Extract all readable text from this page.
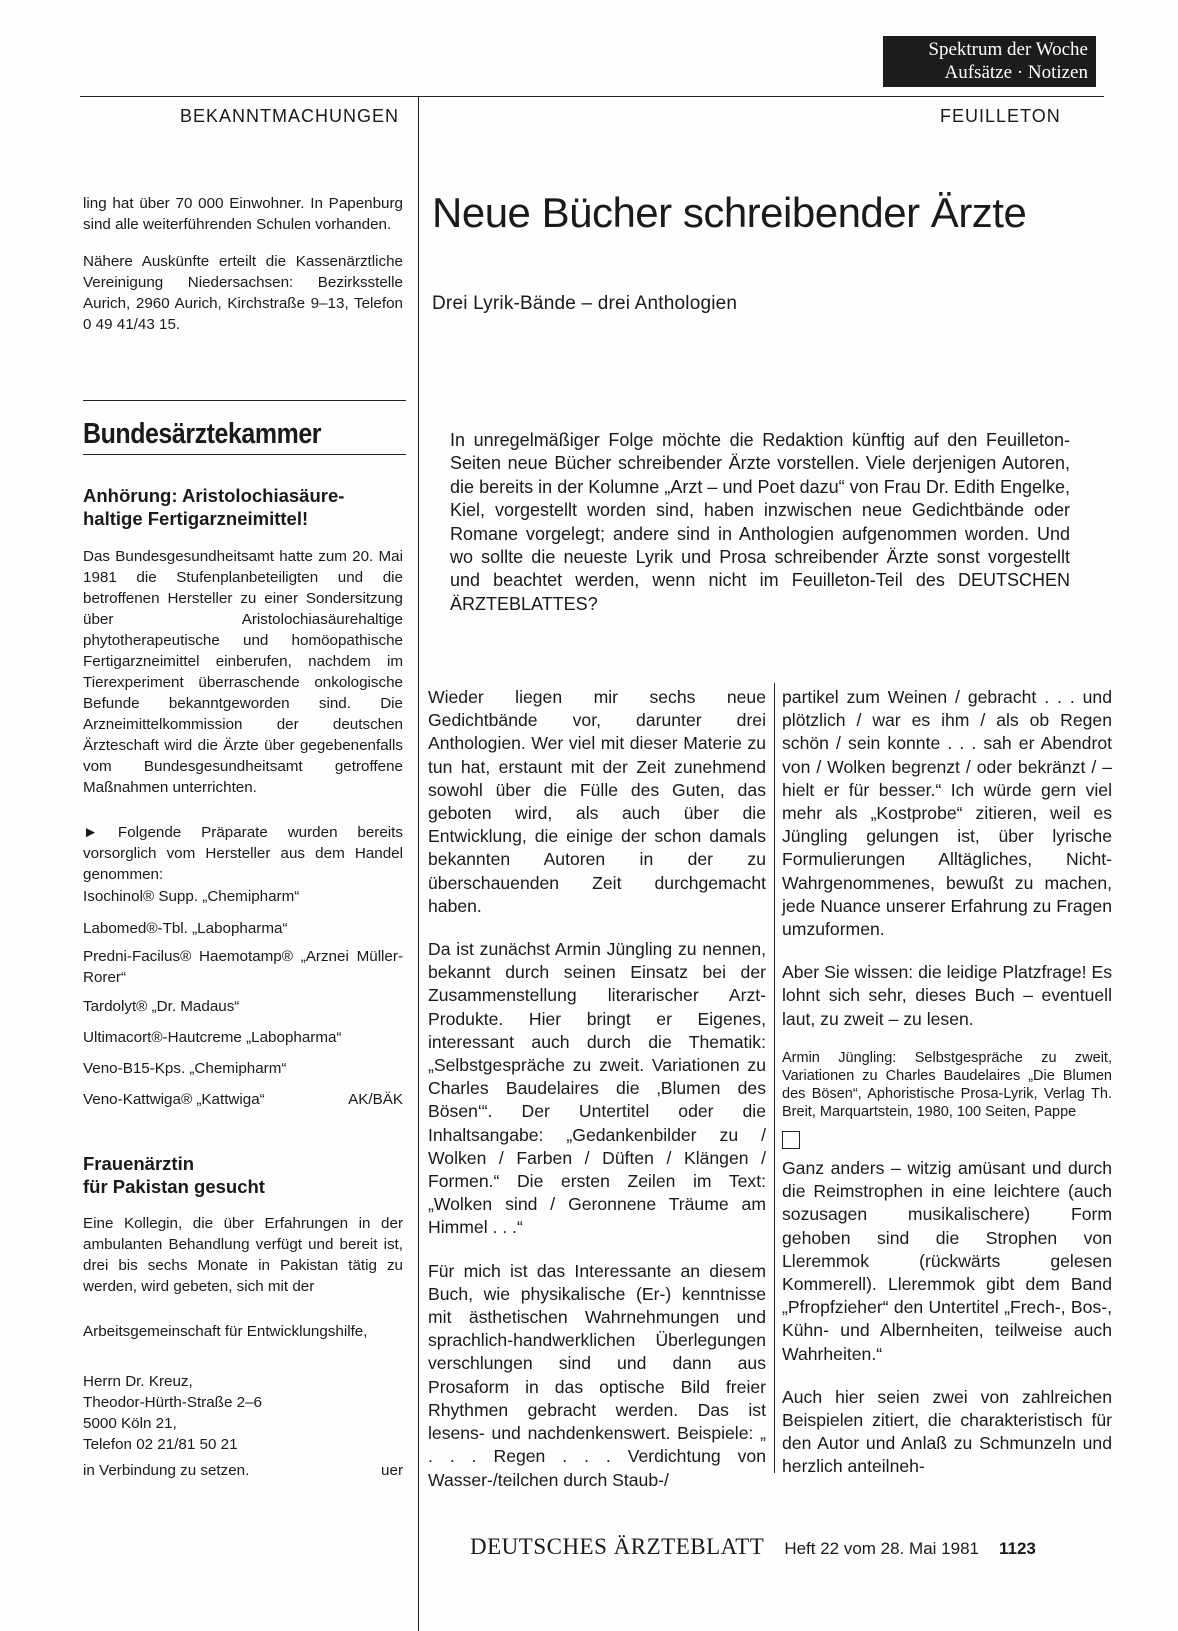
Spektrum der Woche
Aufsätze · Notizen
BEKANNTMACHUNGEN	FEUILLETON

ling hat über 70 000 Einwohner. In Papenburg sind alle weiterführenden Schulen vorhanden.

Nähere Auskünfte erteilt die Kassenärztliche Vereinigung Niedersachsen: Bezirksstelle Aurich, 2960 Aurich, Kirchstraße 9–13, Telefon 0 49 41/43 15.

Bundesärztekammer
Anhörung: Aristolochiasäure-
haltige Fertigarzneimittel!
Das Bundesgesundheitsamt hatte zum 20. Mai 1981 die Stufenplanbeteiligten und die betroffenen Hersteller zu einer Sondersitzung über Aristolochiasäurehaltige phytotherapeutische und homöopathische Fertigarzneimittel einberufen, nachdem im Tierexperiment überraschende onkologische Befunde bekanntgeworden sind. Die Arzneimittelkommission der deutschen Ärzteschaft wird die Ärzte über gegebenenfalls vom Bundesgesundheitsamt getroffene Maßnahmen unterrichten.
► Folgende Präparate wurden bereits vorsorglich vom Hersteller aus dem Handel genommen:
Isochinol® Supp. „Chemipharm“
Labomed®-Tbl. „Labopharma“
Predni-Facilus® Haemotamp® „Arznei Müller-Rorer“
Tardolyt® „Dr. Madaus“
Ultimacort®-Hautcreme „Labopharma“
Veno-B15-Kps. „Chemipharm“
Veno-Kattwiga® „Kattwiga“	AK/BÄK
Frauenärztin
für Pakistan gesucht
Eine Kollegin, die über Erfahrungen in der ambulanten Behandlung verfügt und bereit ist, drei bis sechs Monate in Pakistan tätig zu werden, wird gebeten, sich mit der
Arbeitsgemeinschaft für Entwicklungshilfe,
Herrn Dr. Kreuz,
Theodor-Hürth-Straße 2–6
5000 Köln 21,
Telefon 02 21/81 50 21
in Verbindung zu setzen.	uer
Neue Bücher schreibender Ärzte
Drei Lyrik-Bände – drei Anthologien
In unregelmäßiger Folge möchte die Redaktion künftig auf den Feuilleton-Seiten neue Bücher schreibender Ärzte vorstellen. Viele derjenigen Autoren, die bereits in der Kolumne „Arzt – und Poet dazu“ von Frau Dr. Edith Engelke, Kiel, vorgestellt worden sind, haben inzwischen neue Gedichtbände oder Romane vorgelegt; andere sind in Anthologien aufgenommen worden. Und wo sollte die neueste Lyrik und Prosa schreibender Ärzte sonst vorgestellt und beachtet werden, wenn nicht im Feuilleton-Teil des DEUTSCHEN ÄRZTEBLATTES?

Wieder liegen mir sechs neue Gedichtbände vor, darunter drei Anthologien. Wer viel mit dieser Materie zu tun hat, erstaunt mit der Zeit zunehmend sowohl über die Fülle des Guten, das geboten wird, als auch über die Entwicklung, die einige der schon damals bekannten Autoren in der zu überschauenden Zeit durchgemacht haben.

Da ist zunächst Armin Jüngling zu nennen, bekannt durch seinen Einsatz bei der Zusammenstellung literarischer Arzt-Produkte. Hier bringt er Eigenes, interessant auch durch die Thematik: „Selbstgespräche zu zweit. Variationen zu Charles Baudelaires die ‚Blumen des Bösen‘“. Der Untertitel oder die Inhaltsangabe: „Gedankenbilder zu / Wolken / Farben / Düften / Klängen / Formen.“ Die ersten Zeilen im Text: „Wolken sind / Geronnene Träume am Himmel . . .“

Für mich ist das Interessante an diesem Buch, wie physikalische (Er-) kenntnisse mit ästhetischen Wahrnehmungen und sprachlich-handwerklichen Überlegungen verschlungen sind und dann aus Prosaform in das optische Bild freier Rhythmen gebracht werden. Das ist lesens- und nachdenkenswert. Beispiele: „ . . . Regen . . . Verdichtung von Wasser-/teilchen durch Staub-/

partikel zum Weinen / gebracht . . . und plötzlich / war es ihm / als ob Regen schön / sein konnte . . . sah er Abendrot von / Wolken begrenzt / oder bekränzt / – hielt er für besser.“ Ich würde gern viel mehr als „Kostprobe“ zitieren, weil es Jüngling gelungen ist, über lyrische Formulierungen Alltägliches, Nicht-Wahrgenommenes, bewußt zu machen, jede Nuance unserer Erfahrung zu Fragen umzuformen.

Aber Sie wissen: die leidige Platzfrage! Es lohnt sich sehr, dieses Buch – eventuell laut, zu zweit – zu lesen.

Armin Jüngling: Selbstgespräche zu zweit, Variationen zu Charles Baudelaires „Die Blumen des Bösen“, Aphoristische Prosa-Lyrik, Verlag Th. Breit, Marquartstein, 1980, 100 Seiten, Pappe

Ganz anders – witzig amüsant und durch die Reimstrophen in eine leichtere (auch sozusagen musikalischere) Form gehoben sind die Strophen von Lleremmok (rückwärts gelesen Kommerell). Lleremmok gibt dem Band „Pfropfzieher“ den Untertitel „Frech-, Bos-, Kühn- und Albernheiten, teilweise auch Wahrheiten.“

Auch hier seien zwei von zahlreichen Beispielen zitiert, die charakteristisch für den Autor und Anlaß zu Schmunzeln und herzlich anteilneh-

DEUTSCHES ÄRZTEBLATT Heft 22 vom 28. Mai 1981 1123
